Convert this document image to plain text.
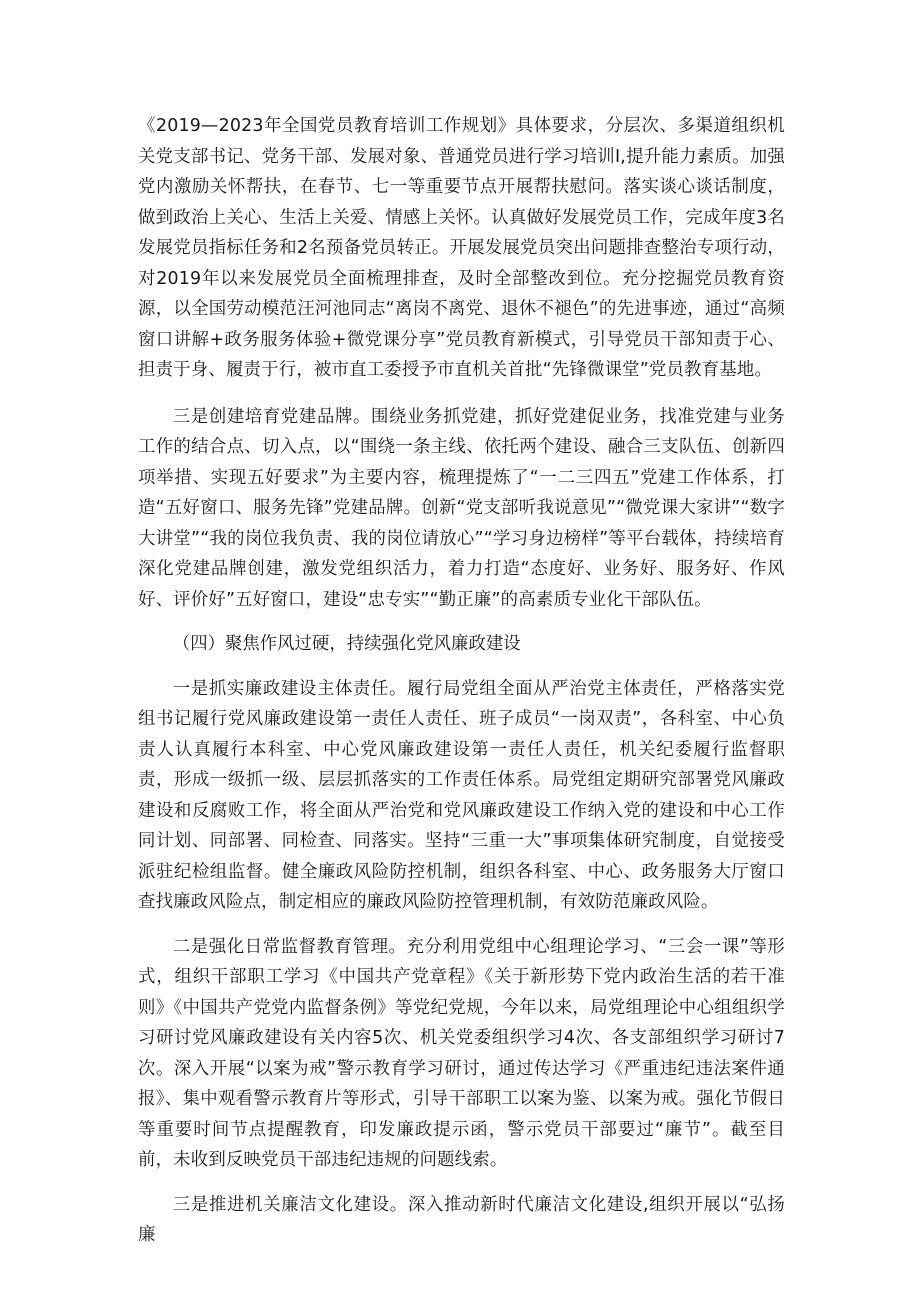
《2019—2023年全国党员教育培训工作规划》具体要求，分层次、多渠道组织机关党支部书记、党务干部、发展对象、普通党员进行学习培训I,提升能力素质。加强党内激励关怀帮扶，在春节、七一等重要节点开展帮扶慰问。落实谈心谈话制度，做到政治上关心、生活上关爱、情感上关怀。认真做好发展党员工作，完成年度3名发展党员指标任务和2名预备党员转正。开展发展党员突出问题排查整治专项行动，对2019年以来发展党员全面梳理排查，及时全部整改到位。充分挖掘党员教育资源，以全国劳动模范汪河池同志“离岗不离党、退休不褪色”的先进事迹，通过“高频窗口讲解+政务服务体验+微党课分享”党员教育新模式，引导党员干部知责于心、担责于身、履责于行，被市直工委授予市直机关首批“先锋微课堂”党员教育基地。

三是创建培育党建品牌。围绕业务抓党建，抓好党建促业务，找准党建与业务工作的结合点、切入点，以“围绕一条主线、依托两个建设、融合三支队伍、创新四项举措、实现五好要求”为主要内容，梳理提炼了“一二三四五”党建工作体系，打造“五好窗口、服务先锋”党建品牌。创新“党支部听我说意见”“微党课大家讲”“数字大讲堂”“我的岗位我负责、我的岗位请放心”“学习身边榜样”等平台载体，持续培育深化党建品牌创建，激发党组织活力，着力打造“态度好、业务好、服务好、作风好、评价好”五好窗口，建设“忠专实”“勤正廉”的高素质专业化干部队伍。

（四）聚焦作风过硬，持续强化党风廉政建设

一是抓实廉政建设主体责任。履行局党组全面从严治党主体责任，严格落实党组书记履行党风廉政建设第一责任人责任、班子成员“一岗双责”，各科室、中心负责人认真履行本科室、中心党风廉政建设第一责任人责任，机关纪委履行监督职责，形成一级抓一级、层层抓落实的工作责任体系。局党组定期研究部署党风廉政建设和反腐败工作，将全面从严治党和党风廉政建设工作纳入党的建设和中心工作同计划、同部署、同检查、同落实。坚持“三重一大”事项集体研究制度，自觉接受派驻纪检组监督。健全廉政风险防控机制，组织各科室、中心、政务服务大厅窗口查找廉政风险点，制定相应的廉政风险防控管理机制，有效防范廉政风险。

二是强化日常监督教育管理。充分利用党组中心组理论学习、“三会一课”等形式，组织干部职工学习《中国共产党章程》《关于新形势下党内政治生活的若干准则》《中国共产党党内监督条例》等党纪党规，今年以来，局党组理论中心组组织学习研讨党风廉政建设有关内容5次、机关党委组织学习4次、各支部组织学习研讨7次。深入开展“以案为戒”警示教育学习研讨，通过传达学习《严重违纪违法案件通报》、集中观看警示教育片等形式，引导干部职工以案为鉴、以案为戒。强化节假日等重要时间节点提醒教育，印发廉政提示函，警示党员干部要过“廉节”。截至目前，未收到反映党员干部违纪违规的问题线索。

三是推进机关廉洁文化建设。深入推动新时代廉洁文化建设,组织开展以“弘扬廉
